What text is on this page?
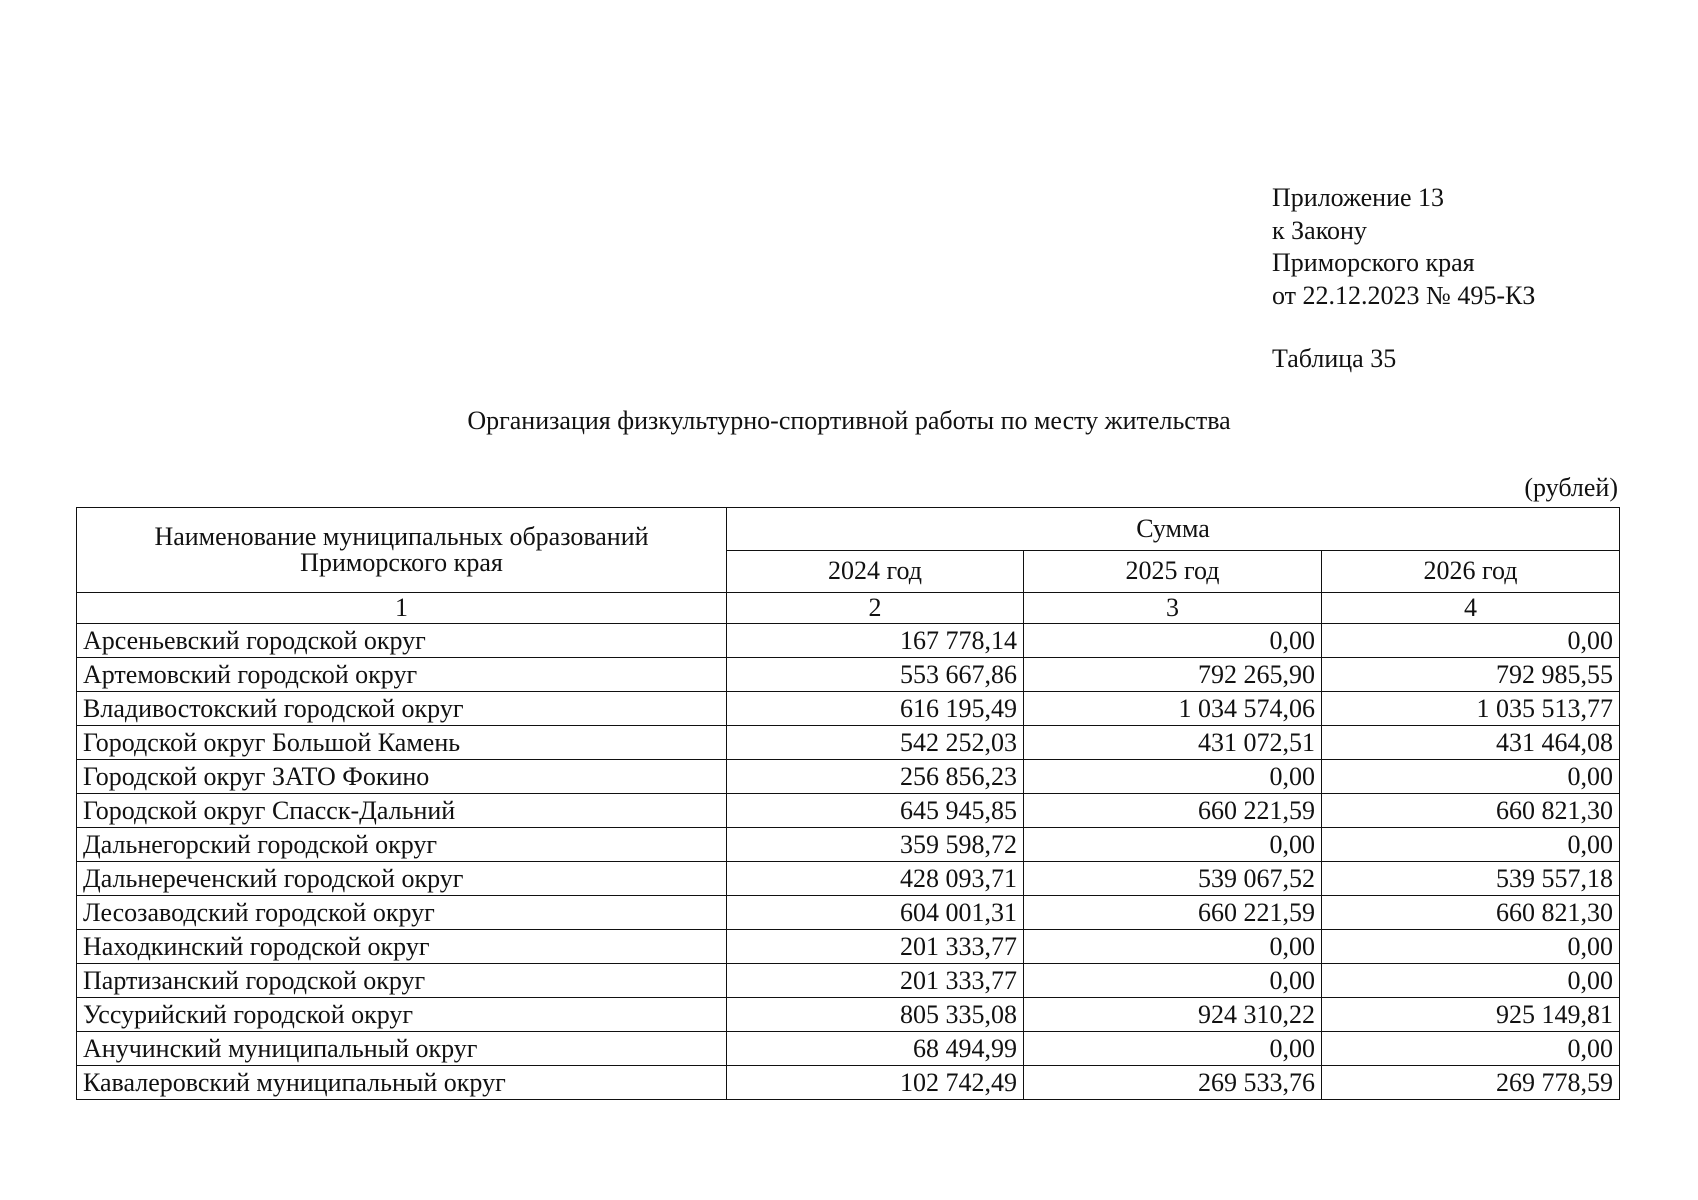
Приложение 13
к Закону
Приморского края
от 22.12.2023 № 495-КЗ
Таблица 35
Организация физкультурно-спортивной работы по месту жительства
(рублей)
Наименование муниципальных образований
Приморского края	Сумма		
	2024 год	2025 год	2026 год
1	2	3	4
Арсеньевский городской округ	167 778,14	0,00	0,00
Артемовский городской округ	553 667,86	792 265,90	792 985,55
Владивостокский городской округ	616 195,49	1 034 574,06	1 035 513,77
Городской округ Большой Камень	542 252,03	431 072,51	431 464,08
Городской округ ЗАТО Фокино	256 856,23	0,00	0,00
Городской округ Спасск-Дальний	645 945,85	660 221,59	660 821,30
Дальнегорский городской округ	359 598,72	0,00	0,00
Дальнереченский городской округ	428 093,71	539 067,52	539 557,18
Лесозаводский городской округ	604 001,31	660 221,59	660 821,30
Находкинский городской округ	201 333,77	0,00	0,00
Партизанский городской округ	201 333,77	0,00	0,00
Уссурийский городской округ	805 335,08	924 310,22	925 149,81
Анучинский муниципальный округ	68 494,99	0,00	0,00
Кавалеровский муниципальный округ	102 742,49	269 533,76	269 778,59
